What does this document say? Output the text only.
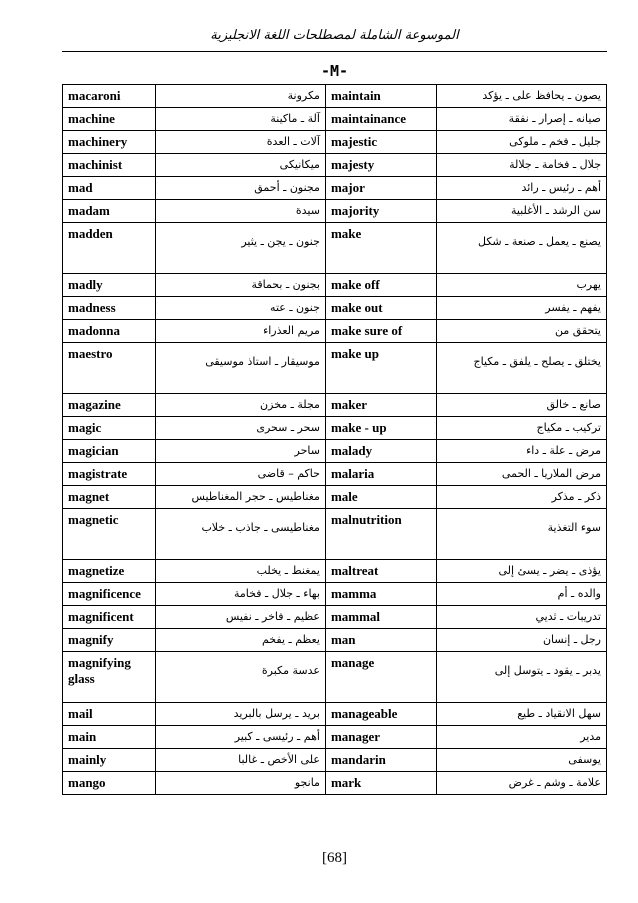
الموسوعة الشاملة لمصطلحات اللغة الانجليزية
-M-
macaroni	مكرونة	maintain	يصون ـ يحافظ على ـ يؤكد
machine	آلة ـ ماكينة	maintainance	صيانه ـ إصرار ـ نفقة
machinery	آلات ـ العدة	majestic	جليل ـ فخم ـ ملوكى
machinist	ميكانيكى	majesty	جلال ـ فخامة ـ جلالة
mad	مجنون ـ أحمق	major	أهم ـ رئيس ـ رائد
madam	سيدة	majority	سن الرشد ـ الأغلبية
madden	جنون ـ يجن ـ يثير	make	يصنع ـ يعمل ـ صنعة ـ شكل
madly	بجنون ـ بحماقة	make off	يهرب
madness	جنون ـ عته	make out	يفهم ـ يفسر
madonna	مريم العذراء	make sure of	يتحقق من
maestro	موسيقار ـ استاذ موسيقى	make up	يختلق ـ يصلح ـ يلفق ـ مكياج
magazine	مجلة ـ مخزن	maker	صانع ـ خالق
magic	سحر ـ سحرى	make - up	تركيب ـ مكياج
magician	ساحر	malady	مرض ـ علة ـ داء
magistrate	حاكم – قاضى	malaria	مرض الملاريا ـ الحمى
magnet	مغناطيس ـ حجر المغناطيس	male	ذكر ـ مذكر
magnetic	مغناطيسى ـ جاذب ـ خلاب	malnutrition	سوء التغذية
magnetize	يمغنط ـ يخلب	maltreat	يؤذى ـ يضر ـ يسئ إلى
magnificence	بهاء ـ جلال ـ فخامة	mamma	والده ـ أم
magnificent	عظيم ـ فاخر ـ نفيس	mammal	تدريبات ـ ثديي
magnify	يعظم ـ يفخم	man	رجل ـ إنسان
magnifying glass	عدسة مكبرة	manage	يدبر ـ يقود ـ يتوسل إلى
mail	بريد ـ يرسل بالبريد	manageable	سهل الانقياد ـ طيع
main	أهم ـ رئيسى ـ كبير	manager	مدير
mainly	على الأخص ـ غالبا	mandarin	يوسفى
mango	مانجو	mark	علامة ـ وشم ـ غرض
[68]
